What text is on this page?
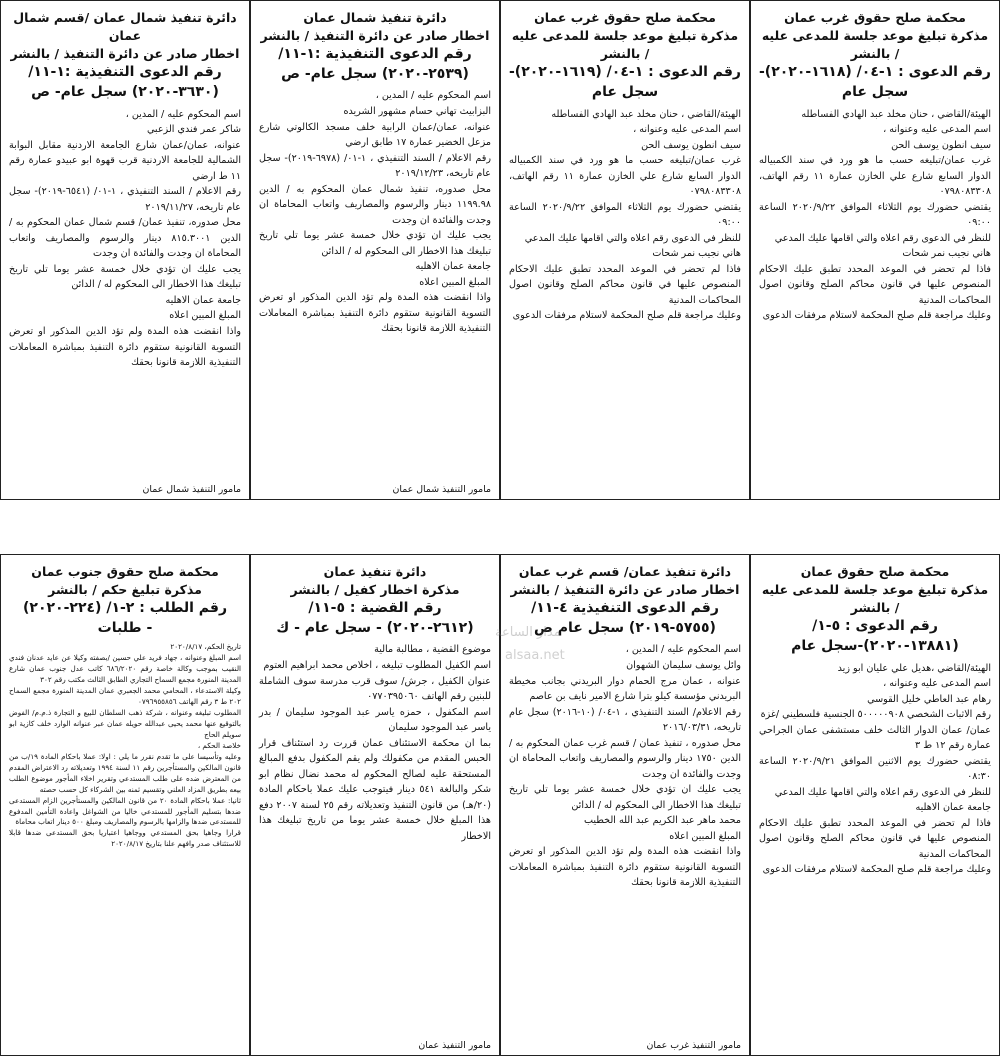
دائرة تنفيذ شمال عمان /قسم شمال عمان
اخطار صادر عن دائرة التنفيذ / بالنشر
رقم الدعوى التنفيذية :١-١١/
(٣٦٣٠-٢٠٢٠) سجل عام- ص

اسم المحكوم عليه / المدين ،

شاكر عمر فندي الزعبي

عنوانه، عمان/عمان شارع الجامعة الاردنية مقابل البوابة الشمالية للجامعة الاردنية قرب قهوة ابو عبيدو عمارة رقم ١١ ط ارضي

رقم الاعلام / السند التنفيذي ، ١-٠١/ (٦٥٤١-٢٠١٩)- سجل عام تاريخه، ٢٠١٩/١١/٢٧

محل صدوره، تنفيذ عمان/ قسم شمال عمان المحكوم به / الدين ٨١٥.٣٠٠١ دينار والرسوم والمصاريف واتعاب المحاماة ان وجدت والفائدة ان وجدت

يجب عليك ان تؤدي خلال خمسة عشر يوما تلي تاريخ تبليغك هذا الاخطار الى المحكوم له / الدائن

جامعة عمان الاهليه

المبلغ المبين اعلاه

واذا انقضت هذه المدة ولم تؤد الدين المذكور او تعرض التسوية القانونية ستقوم دائرة التنفيذ بمباشرة المعاملات التنفيذية اللازمة قانونا بحقك

مامور التنفيذ شمال عمان
دائرة تنفيذ شمال عمان
اخطار صادر عن دائرة التنفيذ / بالنشر
رقم الدعوى التنفيذية :١-١١/
(٢٥٣٩-٢٠٢٠) سجل عام- ص

اسم المحكوم عليه / المدين ،

البزابيث تهاني حسام مشهور الشريده

عنوانه، عمان/عمان الرابية خلف مسجد الكالوتي شارع مزعل الخضير عمارة ١٧ طابق ارضي

رقم الاعلام / السند التنفيذي ، ١-٠١/ (٦٩٧٨-٢٠١٩)- سجل عام تاريخه، ٢٠١٩/١٢/٢٣

محل صدوره، تنفيذ شمال عمان المحكوم به / الدين ١١٩٩.٩٨ دينار والرسوم والمصاريف واتعاب المحاماة ان وجدت والفائدة ان وجدت

يجب عليك ان تؤدي خلال خمسة عشر يوما تلي تاريخ تبليغك هذا الاخطار الى المحكوم له / الدائن

جامعة عمان الاهليه

المبلغ المبين اعلاه

واذا انقضت هذه المدة ولم تؤد الدين المذكور او تعرض التسوية القانونية ستقوم دائرة التنفيذ بمباشرة المعاملات التنفيذية اللازمة قانونا بحقك

مامور التنفيذ شمال عمان
محكمة صلح حقوق غرب عمان
مذكرة تبليغ موعد جلسة للمدعى عليه / بالنشر
رقم الدعوى : ١-٠٤/ (١٦١٩-٢٠٢٠)-
سجل عام

الهيئة/القاضي ، حنان مخلد عبد الهادي الفساطله

اسم المدعى عليه وعنوانه ،

سيف انطون يوسف الحن

غرب عمان/تبليغه حسب ما هو ورد في سند الكمبياله الدوار السابع شارع علي الخازن عمارة ١١ رقم الهاتف، ٠٧٩٨٠٨٣٣٠٨

يقتضي حضورك يوم الثلاثاء الموافق ٢٠٢٠/٩/٢٢ الساعة ٠٩:٠٠

للنظر في الدعوى رقم اعلاه والتي اقامها عليك المدعي

هاني نجيب نمر شحات

فاذا لم تحضر في الموعد المحدد تطبق عليك الاحكام المنصوص عليها في قانون محاكم الصلح وقانون اصول المحاكمات المدنية

وعليك مراجعة قلم صلح المحكمة لاستلام مرفقات الدعوى

محكمة صلح حقوق غرب عمان
مذكرة تبليغ موعد جلسة للمدعى عليه / بالنشر
رقم الدعوى : ١-٠٤/ (١٦١٨-٢٠٢٠)-
سجل عام

الهيئة/القاضي ، حنان مخلد عبد الهادي الفساطله

اسم المدعى عليه وعنوانه ،

سيف انطون يوسف الحن

غرب عمان/تبليغه حسب ما هو ورد في سند الكمبياله الدوار السابع شارع علي الخازن عمارة ١١ رقم الهاتف، ٠٧٩٨٠٨٣٣٠٨

يقتضي حضورك يوم الثلاثاء الموافق ٢٠٢٠/٩/٢٢ الساعة ٠٩:٠٠

للنظر في الدعوى رقم اعلاه والتي اقامها عليك المدعي

هاني نجيب نمر شحات

فاذا لم تحضر في الموعد المحدد تطبق عليك الاحكام المنصوص عليها في قانون محاكم الصلح وقانون اصول المحاكمات المدنية

وعليك مراجعة قلم صلح المحكمة لاستلام مرفقات الدعوى

محكمة صلح حقوق جنوب عمان
مذكرة تبليغ حكم / بالنشر
رقم الطلب : ٢-١/ (٢٢٤-٢٠٢٠)
- طلبات

تاريخ الحكم، ٢٠٢٠/٨/١٧

اسم المبلغ وعنوانه ، جهاد فريد علي حسين /بصفته وكيلا عن عايد عدنان فندي النقيب بموجب وكالة خاصة رقم ٦٨٦/٢٠٢٠ كاتب عدل جنوب عمان شارع المدينة المنورة مجمع السماح التجاري الطابق الثالث مكتب رقم ٣٠٢

وكيلة الاستدعاء ، المحامي محمد الجعبري عمان المدينة المنورة مجمع السماح ٢٠٢ ط ٣ رقم الهاتف ٠٧٩٦٩٥٥٨٥٦

المطلوب تبليغه وعنوانه ، شركة ذهب السلطان للبيع و التجارة ذ.م.م/ الفوض بالتوقيع عنها محمد يحيى عبدالله حويله عمان عبر عنوانه الوارد خلف كازية ابو سويلم الحاج

خلاصة الحكم ،

وعليه وتأسيسا على ما تقدم نقرر ما يلي : اولا: عملا باحكام المادة ١٩/ب من قانون المالكين والمستأجرين رقم ١١ لسنة ١٩٩٤ وتعديلاته رد الاعتراض المقدم من المعترض ضده على طلب المستدعي وتقرير اخلاء المأجور موضوع الطلب بيعه بطريق المزاد العلني وتقسيم ثمنه بين الشركاء كل حسب حصته

ثانيا: عملا باحكام المادة ٢٠ من قانون المالكين والمستأجرين الزام المستدعى ضدها بتسليم المأجور للمستدعي خاليا من الشواغل واعادة التأمين المدفوع للمستدعى ضدها والزامها بالرسوم والمصاريف ومبلغ ٥٠٠ دينار اتعاب محاماة

قرارا وجاهيا بحق المستدعي ووجاهيا اعتباريا بحق المستدعى ضدها قابلا للاستئناف صدر وافهم علنا بتاريخ ٢٠٢٠/٨/١٧

دائرة تنفيذ عمان
مذكرة اخطار كفيل / بالنشر
رقم القضية : ٥-١١/
(٢٦١٢-٢٠٢٠) - سجل عام - ك

موضوع القضية ، مطالبة مالية

اسم الكفيل المطلوب تبليغه ، اخلاص محمد ابراهيم العتوم

عنوان الكفيل ، جرش/ سوف قرب مدرسة سوف الشاملة للبنين رقم الهاتف ٠٧٧٠٣٩٥٠٦٠

اسم المكفول ، حمزه ياسر عبد الموجود سليمان / بدر ياسر عبد الموجود سليمان

بما ان محكمة الاستئناف عمان قررت رد استئناف قرار الحبس المقدم من مكفولك ولم يقم المكفول بدفع المبالغ المستحقة عليه لصالح المحكوم له محمد نضال نظام ابو شكر والبالغة ٥٤١ دينار فيتوجب عليك عملا باحكام المادة (٢٠/هـ) من قانون التنفيذ وتعديلاته رقم ٢٥ لسنة ٢٠٠٧ دفع هذا المبلغ خلال خمسة عشر يوما من تاريخ تبليغك هذا الاخطار

مامور التنفيذ عمان
دائرة تنفيذ عمان/ قسم غرب عمان
اخطار صادر عن دائرة التنفيذ / بالنشر
رقم الدعوى التنفيذية ٤-١١/
(٥٧٥٥-٢٠١٩) سجل عام ص

اسم المحكوم عليه / المدين ،

وائل يوسف سليمان الشهوان

عنوانه ، عمان مرج الحمام دوار البريدني بجانب مخيطة البريدني مؤسسة كيلو بترا شارع الامير نايف بن عاصم

رقم الاعلام/ السند التنفيذي ، ١-٠٤/ (١٠-٢٠١٦) سجل عام تاريخه، ٢٠١٦/٠٣/٣١

محل صدوره ، تنفيذ عمان / قسم غرب عمان المحكوم به / الدين ١٧٥٠ دينار والرسوم والمصاريف واتعاب المحاماة ان وجدت والفائدة ان وجدت

يجب عليك ان تؤدي خلال خمسة عشر يوما تلي تاريخ تبليغك هذا الاخطار الى المحكوم له / الدائن

محمد ماهر عبد الكريم عبد الله الخطيب

المبلغ المبين اعلاه

واذا انقضت هذه المدة ولم تؤد الدين المذكور او تعرض التسوية القانونية ستقوم دائرة التنفيذ بمباشرة المعاملات التنفيذية اللازمة قانونا بحقك

مامور التنفيذ غرب عمان
محكمة صلح حقوق عمان
مذكرة تبليغ موعد جلسة للمدعى عليه / بالنشر
رقم الدعوى : ٥-١/
(١٣٨٨١-٢٠٢٠)-سجل عام

الهيئة/القاضي ،هديل علي عليان ابو زيد

اسم المدعى عليه وعنوانه ،

رهام عبد العاطي خليل القوسي

رقم الاثبات الشخصي ٥٠٠٠٠٠٩٠٨ الجنسية فلسطيني /غزة

عمان/ عمان الدوار الثالث خلف مستشفى عمان الجراحي عمارة رقم ١٢ ط ٣

يقتضي حضورك يوم الاثنين الموافق ٢٠٢٠/٩/٢١ الساعة ٠٨:٣٠

للنظر في الدعوى رقم اعلاه والتي اقامها عليك المدعي

جامعة عمان الاهليه

فاذا لم تحضر في الموعد المحدد تطبق عليك الاحكام المنصوص عليها في قانون محاكم الصلح وقانون اصول المحاكمات المدنية

وعليك مراجعة قلم صلح المحكمة لاستلام مرفقات الدعوى

مدار الساعة
alsaa.net
